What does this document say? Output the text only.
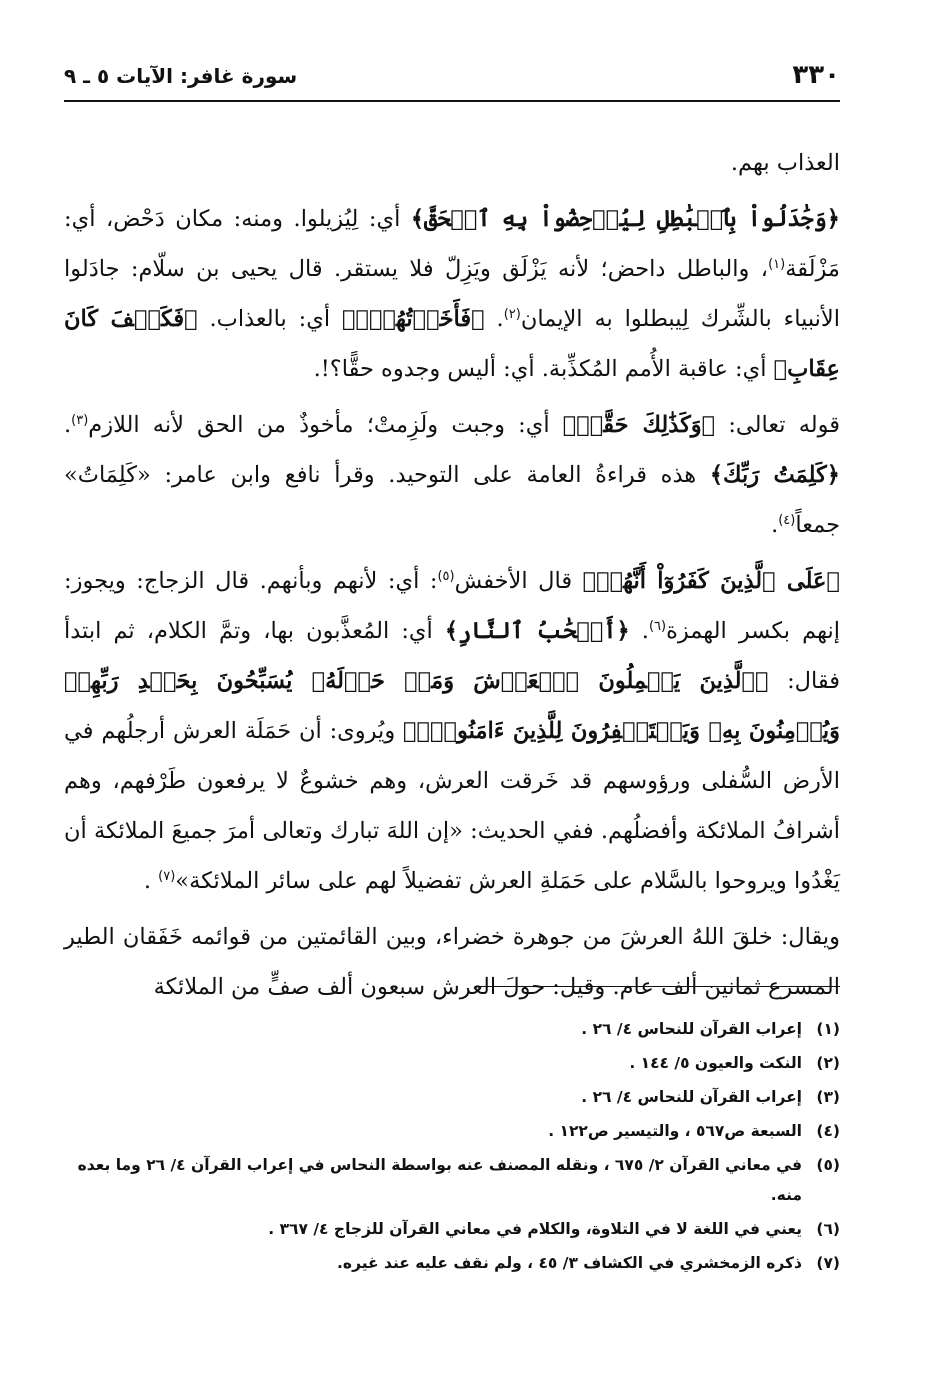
٣٣٠
سورة غافر: الآيات ٥ ـ ٩

العذاب بهم.

﴿وَجَٰدَلُواْ بِٱلۡبَٰطِلِ لِيُدۡحِضُواْ بِهِ ٱلۡحَقَّ﴾ أي: لِيُزيلوا. ومنه: مكان دَحْض، أي: مَزْلَقة$^{(١)}$، والباطل داحض؛ لأنه يَزْلَق ويَزِلّ فلا يستقر. قال يحيى بن سلّام: جادَلوا الأنبياء بالشِّرك لِيبطلوا به الإيمان$^{(٢)}$. ﴿فَأَخَذۡتُهُمۡۖ﴾ أي: بالعذاب. ﴿فَكَيۡفَ كَانَ عِقَابِ﴾ أي: عاقبة الأُمم المُكذِّبة. أي: أليس وجدوه حقًّا؟!.

قوله تعالى: ﴿وَكَذَٰلِكَ حَقَّتۡ﴾ أي: وجبت ولَزِمتْ؛ مأخوذٌ من الحق لأنه اللازم$^{(٣)}$. ﴿كَلِمَتُ رَبِّكَ﴾ هذه قراءةُ العامة على التوحيد. وقرأ نافع وابن عامر: «كَلِمَاتُ» جمعاً$^{(٤)}$.

﴿عَلَى ٱلَّذِينَ كَفَرُوٓاْ أَنَّهُمۡ﴾ قال الأخفش$^{(٥)}$: أي: لأنهم وبأنهم. قال الزجاج: ويجوز: إنهم بكسر الهمزة$^{(٦)}$. ﴿أَصۡحَٰبُ ٱلنَّارِ﴾ أي: المُعذَّبون بها، وتمَّ الكلام، ثم ابتدأ فقال: ﴿ٱلَّذِينَ يَحۡمِلُونَ ٱلۡعَرۡشَ وَمَنۡ حَوۡلَهُۥ يُسَبِّحُونَ بِحَمۡدِ رَبِّهِمۡ وَيُؤۡمِنُونَ بِهِۦ وَيَسۡتَغۡفِرُونَ لِلَّذِينَ ءَامَنُواْۖ﴾ ويُروى: أن حَمَلَة العرش أرجلُهم في الأرض السُّفلى ورؤوسهم قد خَرقت العرش، وهم خشوعٌ لا يرفعون طَرْفهم، وهم أشرافُ الملائكة وأفضلُهم. ففي الحديث: «إن اللهَ تبارك وتعالى أمرَ جميعَ الملائكة أن يَغْدُوا ويروحوا بالسَّلام على حَمَلةِ العرش تفضيلاً لهم على سائر الملائكة»$^{(٧)}$ .

ويقال: خلقَ اللهُ العرشَ من جوهرة خضراء، وبين القائمتين من قوائمه خَفَقان الطير المسرع ثمانين ألف عام. وقيل: حولَ العرش سبعون ألف صفٍّ من الملائكة

(١)
إعراب القرآن للنحاس ٤/ ٢٦ .
(٢)
النكت والعيون ٥/ ١٤٤ .
(٣)
إعراب القرآن للنحاس ٤/ ٢٦ .
(٤)
السبعة ص٥٦٧ ، والتيسير ص١٢٢ .
(٥)
في معاني القرآن ٢/ ٦٧٥ ، ونقله المصنف عنه بواسطة النحاس في إعراب القرآن ٤/ ٢٦ وما بعده منه.
(٦)
يعني في اللغة لا في التلاوة، والكلام في معاني القرآن للزجاج ٤/ ٣٦٧ .
(٧)
ذكره الزمخشري في الكشاف ٣/ ٤٥ ، ولم نقف عليه عند غيره.
